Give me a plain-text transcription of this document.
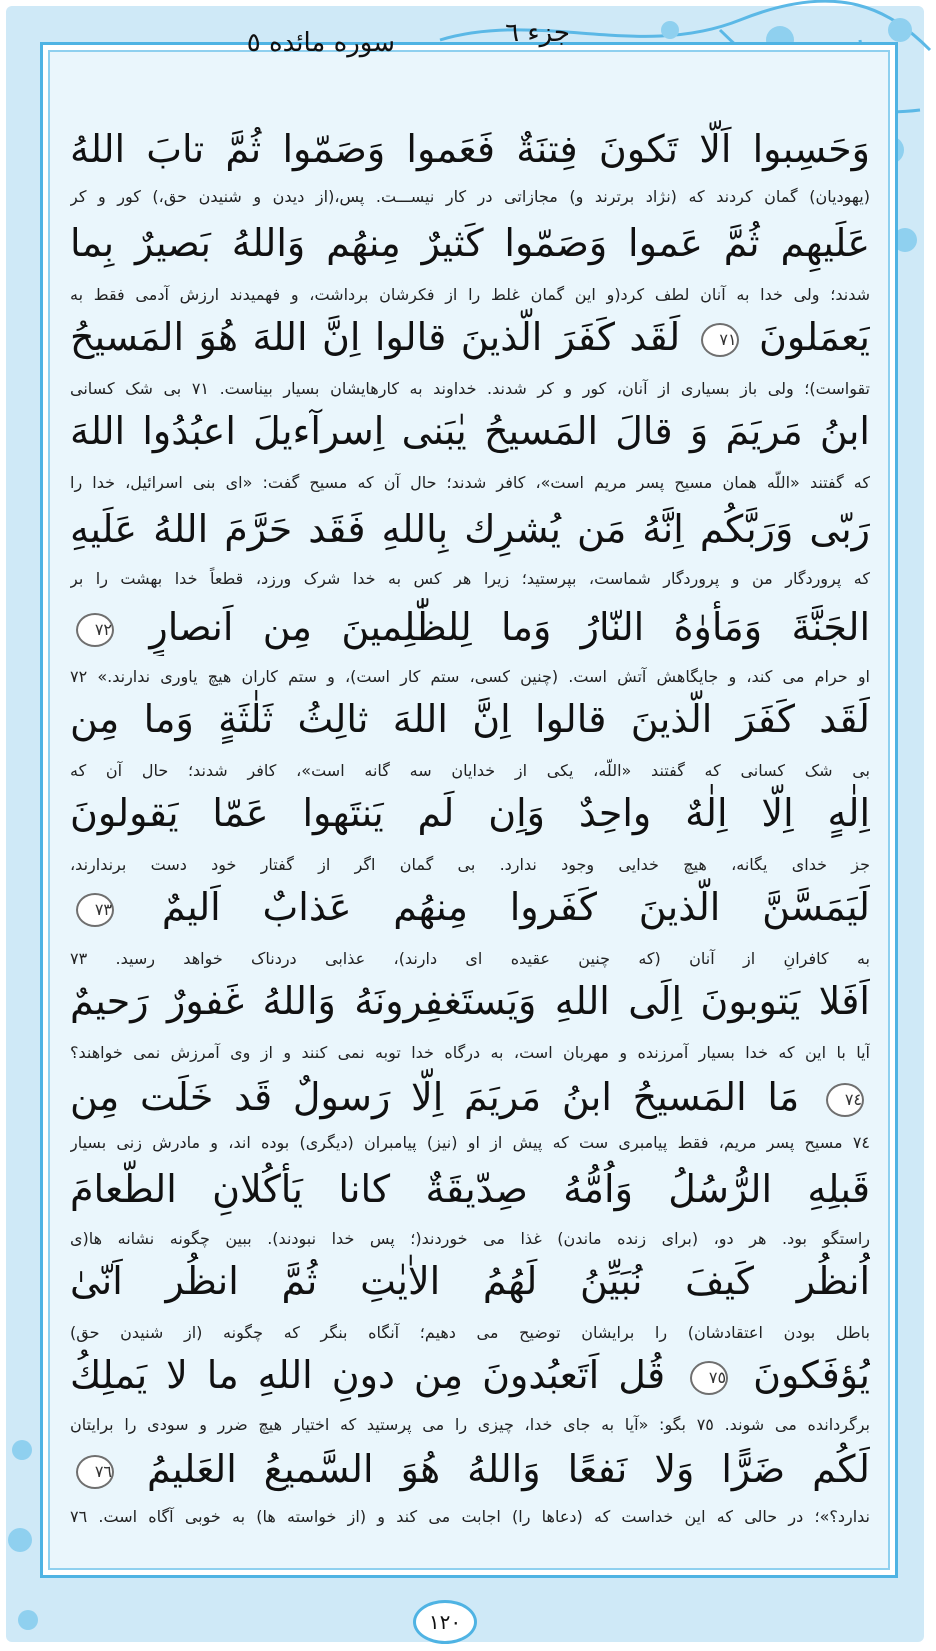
جزء ٦
سوره مائده ٥
وَحَسِبوا اَلّا تَكونَ فِتنَةٌ فَعَموا وَصَمّوا ثُمَّ تابَ اللهُ
(یهودیان) گمان کردند که (نژاد برترند و) مجازاتی در کار نیســـت. پس،(از دیدن و شنیدن حق،) کور و کر
عَلَیهِم ثُمَّ عَموا وَصَمّوا کَثیرٌ مِنهُم وَاللهُ بَصیرٌ بِما
شدند؛ ولی خدا به آنان لطف کرد(و این گمان غلط را از فکرشان برداشت، و فهمیدند ارزش آدمی فقط به
یَعمَلونَ ٧١ لَقَد کَفَرَ الَّذینَ قالوا اِنَّ اللهَ هُوَ المَسیحُ
تقواست)؛ ولی باز بسیاری از آنان، کور و کر شدند. خداوند به کارهایشان بسیار بیناست. ٧١ بی شک کسانی
ابنُ مَریَمَ وَ قالَ المَسیحُ یٰبَنی اِسرآءیلَ اعبُدُوا اللهَ
که گفتند «اللّه همان مسیح پسر مریم است»، کافر شدند؛ حال آن که مسیح گفت: «ای بنی اسرائیل، خدا را
رَبّی وَرَبَّکُم اِنَّهُ مَن یُشرِك بِاللهِ فَقَد حَرَّمَ اللهُ عَلَیهِ
که پروردگار من و پروردگار شماست، بپرستید؛ زیرا هر کس به خدا شرک ورزد، قطعاً خدا بهشت را بر
الجَنَّةَ وَمَأوٰهُ النّارُ وَما لِلظّٰلِمینَ مِن اَنصارٍ ٧٢
او حرام می کند، و جایگاهش آتش است. (چنین کسی، ستم کار است)، و ستم کاران هیچ یاوری ندارند.» ٧٢
لَقَد کَفَرَ الَّذینَ قالوا اِنَّ اللهَ ثالِثُ ثَلٰثَةٍ وَما مِن
بی شک کسانی که گفتند «اللّه، یکی از خدایان سه گانه است»، کافر شدند؛ حال آن که
اِلٰهٍ اِلّا اِلٰهٌ واحِدٌ وَاِن لَم یَنتَهوا عَمّا یَقولونَ
جز خدای یگانه، هیچ خدایی وجود ندارد. بی گمان اگر از گفتار خود دست برندارند،
لَیَمَسَّنَّ الَّذینَ کَفَروا مِنهُم عَذابٌ اَلیمٌ ٧٣
به کافرانِ از آنان (که چنین عقیده ای دارند)، عذابی دردناک خواهد رسید. ٧٣
اَفَلا یَتوبونَ اِلَی اللهِ وَیَستَغفِرونَهُ وَاللهُ غَفورٌ رَحیمٌ
آیا با این که خدا بسیار آمرزنده و مهربان است، به درگاه خدا توبه نمی کنند و از وی آمرزش نمی خواهند؟
٧٤ مَا المَسیحُ ابنُ مَریَمَ اِلّا رَسولٌ قَد خَلَت مِن
٧٤ مسیح پسر مریم، فقط پیامبری ست که پیش از او (نیز) پیامبران (دیگری) بوده اند، و مادرش زنی بسیار
قَبلِهِ الرُّسُلُ وَاُمُّهُ صِدّیقَةٌ کانا یَأکُلانِ الطَّعامَ
راستگو بود. هر دو، (برای زنده ماندن) غذا می خوردند(؛ پس خدا نبودند). ببین چگونه نشانه ها(ی
اُنظُر کَیفَ نُبَیِّنُ لَهُمُ الاٰیٰتِ ثُمَّ انظُر اَنّیٰ
باطل بودن اعتقادشان) را برایشان توضیح می دهیم؛ آنگاه بنگر که چگونه (از شنیدن حق)
یُؤفَکونَ ٧٥ قُل اَتَعبُدونَ مِن دونِ اللهِ ما لا یَملِكُ
برگردانده می شوند. ٧٥ بگو: «آیا به جای خدا، چیزی را می پرستید که اختیار هیچ ضرر و سودی را برایتان
لَکُم ضَرًّا وَلا نَفعًا وَاللهُ هُوَ السَّمیعُ العَلیمُ ٧٦
ندارد؟»؛ در حالی که این خداست که (دعاها را) اجابت می کند و (از خواسته ها) به خوبی آگاه است. ٧٦
١٢٠
